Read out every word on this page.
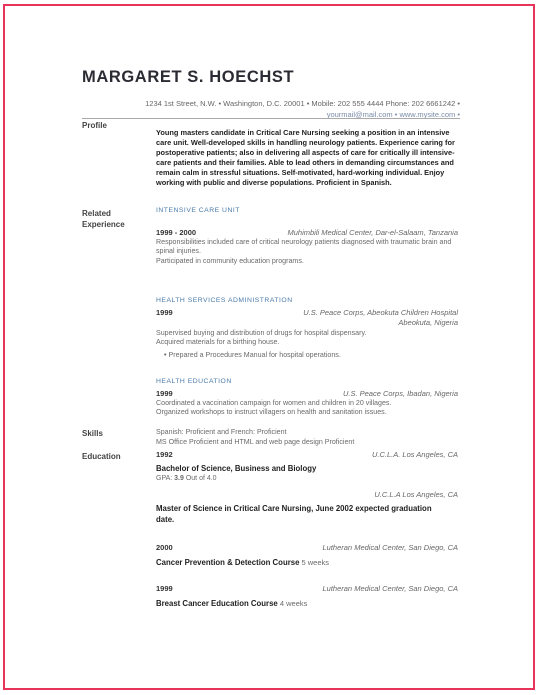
MARGARET S. HOECHST
1234 1st Street, N.W. • Washington, D.C. 20001 • Mobile: 202 555 4444 Phone: 202 6661242 •
yourmail@mail.com • www.mysite.com •
Profile
Young masters candidate in Critical Care Nursing seeking a position in an intensive care unit. Well-developed skills in handling neurology patients. Experience caring for postoperative patients; also in delivering all aspects of care for critically ill intensive-care patients and their families. Able to lead others in demanding circumstances and remain calm in stressful situations. Self-motivated, hard-working individual. Enjoy working with public and diverse populations. Proficient in Spanish.
Related
Experience
INTENSIVE CARE UNIT
1999 - 2000	Muhimbili Medical Center, Dar-el-Salaam, Tanzania
Responsibilities included care of critical neurology patients diagnosed with traumatic brain and
spinal injuries.
Participated in community education programs.
HEALTH SERVICES ADMINISTRATION
1999	U.S. Peace Corps, Abeokuta Children Hospital
Abeokuta, Nigeria
Supervised buying and distribution of drugs for hospital dispensary.
Acquired materials for a birthing house.
• Prepared a Procedures Manual for hospital operations.
HEALTH EDUCATION
1999	U.S. Peace Corps, Ibadan, Nigeria
Coordinated a vaccination campaign for women and children in 20 villages.
Organized workshops to instruct villagers on health and sanitation issues.
Skills	Spanish: Proficient and French: Proficient
MS Office Proficient and HTML and web page design Proficient
Education	1992	U.C.L.A. Los Angeles, CA
Bachelor of Science, Business and Biology
GPA: 3.9 Out of 4.0
U.C.L.A Los Angeles, CA
Master of Science in Critical Care Nursing, June 2002 expected graduation date.
2000	Lutheran Medical Center, San Diego, CA
Cancer Prevention & Detection Course 5 weeks
1999	Lutheran Medical Center, San Diego, CA
Breast Cancer Education Course 4 weeks
